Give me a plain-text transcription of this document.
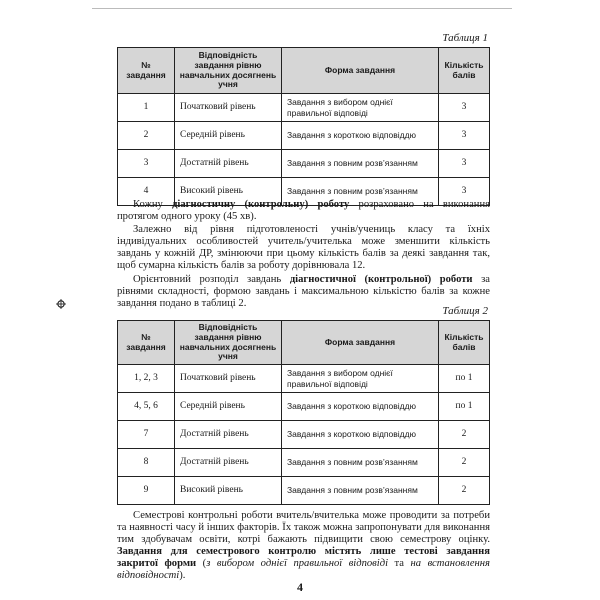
Таблиця 1
№ завдання	Відповідність завдання рівню навчальних досягнень учня	Форма завдання	Кількість балів
1	Початковий рівень	Завдання з вибором однієї правильної відповіді	3
2	Середній рівень	Завдання з короткою відповіддю	3
3	Достатній рівень	Завдання з повним розв’язанням	3
4	Високий рівень	Завдання з повним розв’язанням	3

Кожну діагностичну (контрольну) роботу розраховано на виконання протягом одного уроку (45 хв).

Залежно від рівня підготовленості учнів/учениць класу та їхніх індивідуальних особливостей учитель/учителька може зменшити кількість завдань у кожній ДР, змінюючи при цьому кількість балів за деякі завдання так, щоб сумарна кількість балів за роботу дорівнювала 12.

Орієнтовний розподіл завдань діагностичної (контрольної) роботи за рівнями складності, формою завдань і максимальною кількістю балів за кожне завдання подано в таблиці 2.

Таблиця 2
№ завдання	Відповідність завдання рівню навчальних досягнень учня	Форма завдання	Кількість балів
1, 2, 3	Початковий рівень	Завдання з вибором однієї правильної відповіді	по 1
4, 5, 6	Середній рівень	Завдання з короткою відповіддю	по 1
7	Достатній рівень	Завдання з короткою відповіддю	2
8	Достатній рівень	Завдання з повним розв’язанням	2
9	Високий рівень	Завдання з повним розв’язанням	2

Семестрові контрольні роботи вчитель/вчителька може проводити за потреби та наявності часу й інших факторів. Їх також можна запропонувати для виконання тим здобувачам освіти, котрі бажають підвищити свою семестрову оцінку. Завдання для семестрового контролю містять лише тестові завдання закритої форми (з вибором однієї правильної відповіді та на встановлення відповідності).

4
